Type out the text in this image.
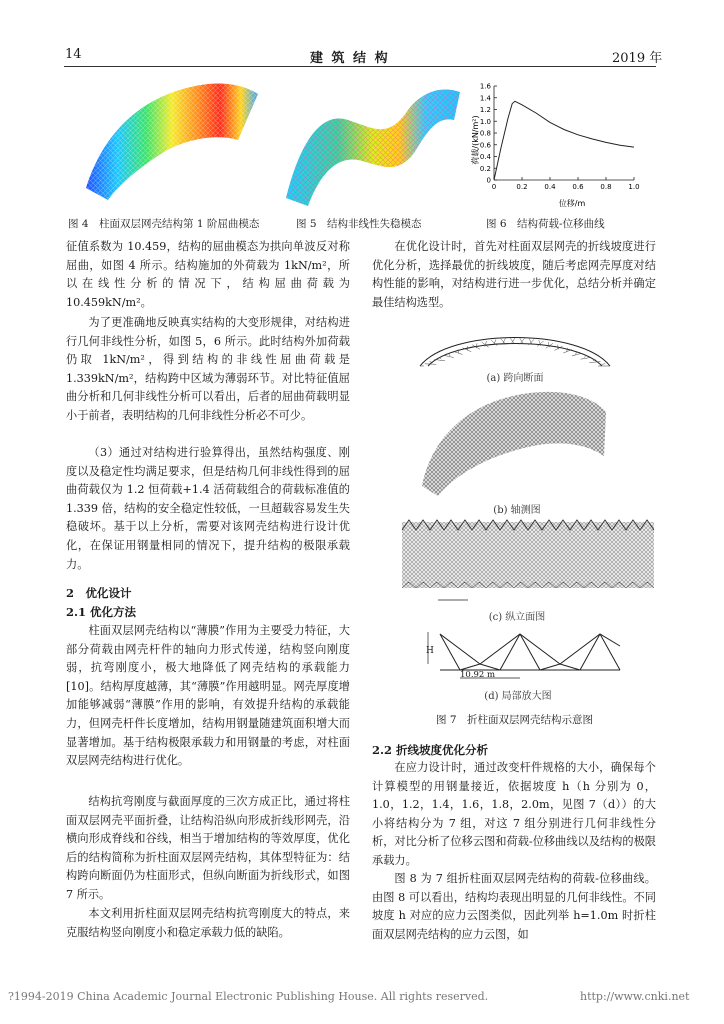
14	建 筑 结 构	2019 年
0
0.2
0.4
0.6
0.8
1.0
1.2
1.4
1.6
0	0.2 0.4 0.6 0.8 1.0
荷载/(kN/m²)
位移/m
图 4　柱面双层网壳结构第 1 阶屈曲模态	图 5　结构非线性失稳模态	图 6　结构荷载-位移曲线

征值系数为 10.459，结构的屈曲模态为拱向单波反对称屈曲，如图 4 所示。结构施加的外荷载为 1kN/m²，所以在线性分析的情况下，结构屈曲荷载为 10.459kN/m²。

为了更准确地反映真实结构的大变形规律，对结构进行几何非线性分析，如图 5，6 所示。此时结构外加荷载仍取 1kN/m²，得到结构的非线性屈曲荷载是 1.339kN/m²，结构跨中区域为薄弱环节。对比特征值屈曲分析和几何非线性分析可以看出，后者的屈曲荷载明显小于前者，表明结构的几何非线性分析必不可少。

（3）通过对结构进行验算得出，虽然结构强度、刚度以及稳定性均满足要求，但是结构几何非线性得到的屈曲荷载仅为 1.2 恒荷载+1.4 活荷载组合的荷载标准值的 1.339 倍，结构的安全稳定性较低，一旦超载容易发生失稳破坏。基于以上分析，需要对该网壳结构进行设计优化，在保证用钢量相同的情况下，提升结构的极限承载力。

2　优化设计
2.1 优化方法

柱面双层网壳结构以“薄膜”作用为主要受力特征，大部分荷载由网壳杆件的轴向力形式传递，结构竖向刚度弱，抗弯刚度小，极大地降低了网壳结构的承载能力[10]。结构厚度越薄，其“薄膜”作用越明显。网壳厚度增加能够减弱“薄膜”作用的影响，有效提升结构的承载能力，但网壳杆件长度增加，结构用钢量随建筑面积增大而显著增加。基于结构极限承载力和用钢量的考虑，对柱面双层网壳结构进行优化。

结构抗弯刚度与截面厚度的三次方成正比，通过将柱面双层网壳平面折叠，让结构沿纵向形成折线形网壳，沿横向形成脊线和谷线，相当于增加结构的等效厚度，优化后的结构简称为折柱面双层网壳结构，其体型特征为：结构跨向断面仍为柱面形式，但纵向断面为折线形式，如图 7 所示。

本文利用折柱面双层网壳结构抗弯刚度大的特点，来克服结构竖向刚度小和稳定承载力低的缺陷。

在优化设计时，首先对柱面双层网壳的折线坡度进行优化分析，选择最优的折线坡度，随后考虑网壳厚度对结构性能的影响，对结构进行进一步优化，总结分析并确定最佳结构选型。

(a) 跨向断面
(b) 轴测图
(c) 纵立面图
H
10.92 m
(d) 局部放大图
图 7　折柱面双层网壳结构示意图
2.2 折线坡度优化分析

在应力设计时，通过改变杆件规格的大小，确保每个计算模型的用钢量接近，依据坡度 h（h 分别为 0，1.0，1.2，1.4，1.6，1.8，2.0m，见图 7（d））的大小将结构分为 7 组，对这 7 组分别进行几何非线性分析，对比分析了位移云图和荷载-位移曲线以及结构的极限承载力。

图 8 为 7 组折柱面双层网壳结构的荷载-位移曲线。由图 8 可以看出，结构均表现出明显的几何非线性。不同坡度 h 对应的应力云图类似，因此列举 h=1.0m 时折柱面双层网壳结构的应力云图，如

?1994-2019 China Academic Journal Electronic Publishing House. All rights reserved.	http://www.cnki.net
